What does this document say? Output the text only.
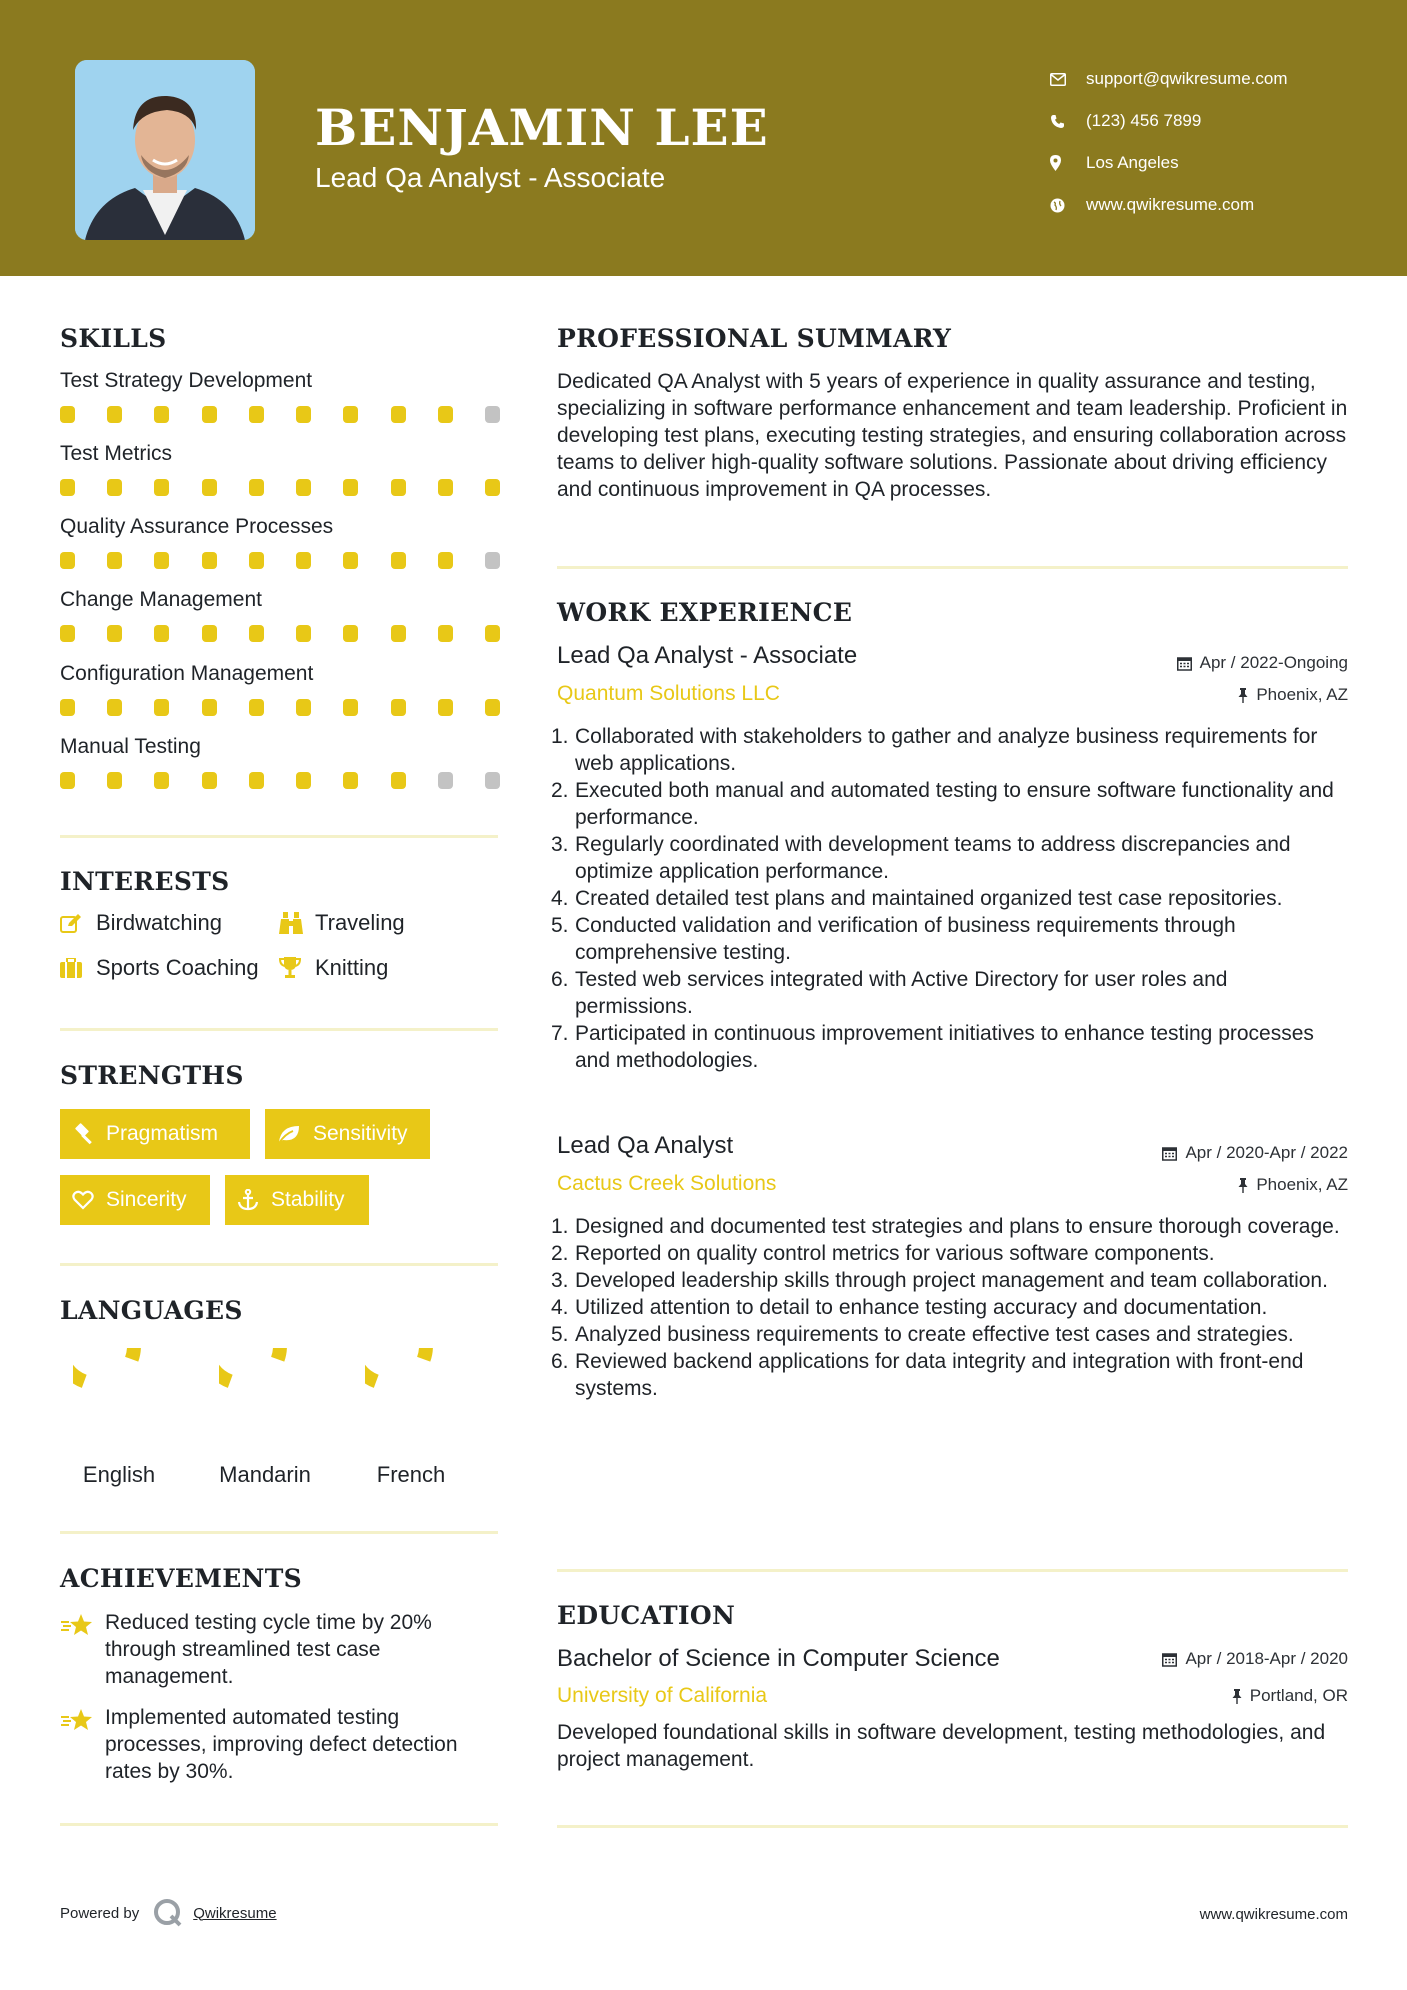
BENJAMIN LEE
Lead Qa Analyst - Associate
support@qwikresume.com
(123) 456 7899
Los Angeles
www.qwikresume.com
SKILLS
Test Strategy Development
Test Metrics
Quality Assurance Processes
Change Management
Configuration Management
Manual Testing
INTERESTS
Birdwatching	Traveling
Sports Coaching	Knitting
STRENGTHS
Pragmatism	Sensitivity
Sincerity	Stability
LANGUAGES
English	Mandarin	French
ACHIEVEMENTS
Reduced testing cycle time by 20% through streamlined test case management.
Implemented automated testing processes, improving defect detection rates by 30%.
PROFESSIONAL SUMMARY
Dedicated QA Analyst with 5 years of experience in quality assurance and testing, specializing in software performance enhancement and team leadership. Proficient in developing test plans, executing testing strategies, and ensuring collaboration across teams to deliver high-quality software solutions. Passionate about driving efficiency and continuous improvement in QA processes.
WORK EXPERIENCE
Lead Qa Analyst - Associate	Apr / 2022-Ongoing
Quantum Solutions LLC	Phoenix, AZ
1. Collaborated with stakeholders to gather and analyze business requirements for web applications.
2. Executed both manual and automated testing to ensure software functionality and performance.
3. Regularly coordinated with development teams to address discrepancies and optimize application performance.
4. Created detailed test plans and maintained organized test case repositories.
5. Conducted validation and verification of business requirements through comprehensive testing.
6. Tested web services integrated with Active Directory for user roles and permissions.
7. Participated in continuous improvement initiatives to enhance testing processes and methodologies.
Lead Qa Analyst	Apr / 2020-Apr / 2022
Cactus Creek Solutions	Phoenix, AZ
1. Designed and documented test strategies and plans to ensure thorough coverage.
2. Reported on quality control metrics for various software components.
3. Developed leadership skills through project management and team collaboration.
4. Utilized attention to detail to enhance testing accuracy and documentation.
5. Analyzed business requirements to create effective test cases and strategies.
6. Reviewed backend applications for data integrity and integration with front-end systems.
EDUCATION
Bachelor of Science in Computer Science	Apr / 2018-Apr / 2020
University of California	Portland, OR
Developed foundational skills in software development, testing methodologies, and project management.
Powered by	Qwikresume	www.qwikresume.com
